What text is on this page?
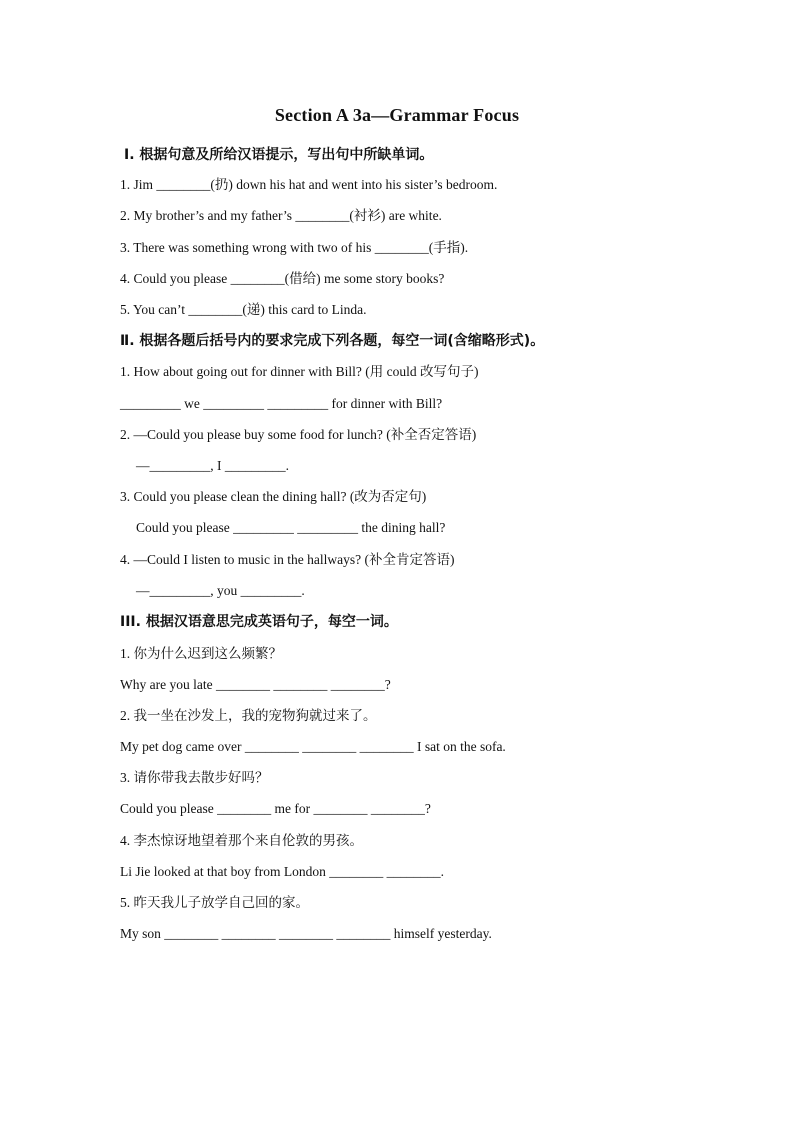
Section A 3a—Grammar Focus
Ⅰ. 根据句意及所给汉语提示，写出句中所缺单词。
1. Jim ________(扔) down his hat and went into his sister’s bedroom.
2. My brother’s and my father’s ________(衬衫) are white.
3. There was something wrong with two of his ________(手指).
4. Could you please ________(借给) me some story books?
5. You can’t ________(递) this card to Linda.
Ⅱ. 根据各题后括号内的要求完成下列各题，每空一词(含缩略形式)。
1. How about going out for dinner with Bill? (用 could 改写句子)
_________ we _________ _________ for dinner with Bill?
2. —Could you please buy some food for lunch? (补全否定答语)
—_________, I _________.
3. Could you please clean the dining hall? (改为否定句)
Could you please _________ _________ the dining hall?
4. —Could I listen to music in the hallways? (补全肯定答语)
—_________, you _________.
III. 根据汉语意思完成英语句子，每空一词。
1. 你为什么迟到这么频繁？
Why are you late ________ ________ ________?
2. 我一坐在沙发上，我的宠物狗就过来了。
My pet dog came over ________ ________ ________ I sat on the sofa.
3. 请你带我去散步好吗？
Could you please ________ me for ________ ________?
4. 李杰惊讶地望着那个来自伦敦的男孩。
Li Jie looked at that boy from London ________ ________.
5. 昨天我儿子放学自己回的家。
My son ________ ________ ________ ________ himself yesterday.
